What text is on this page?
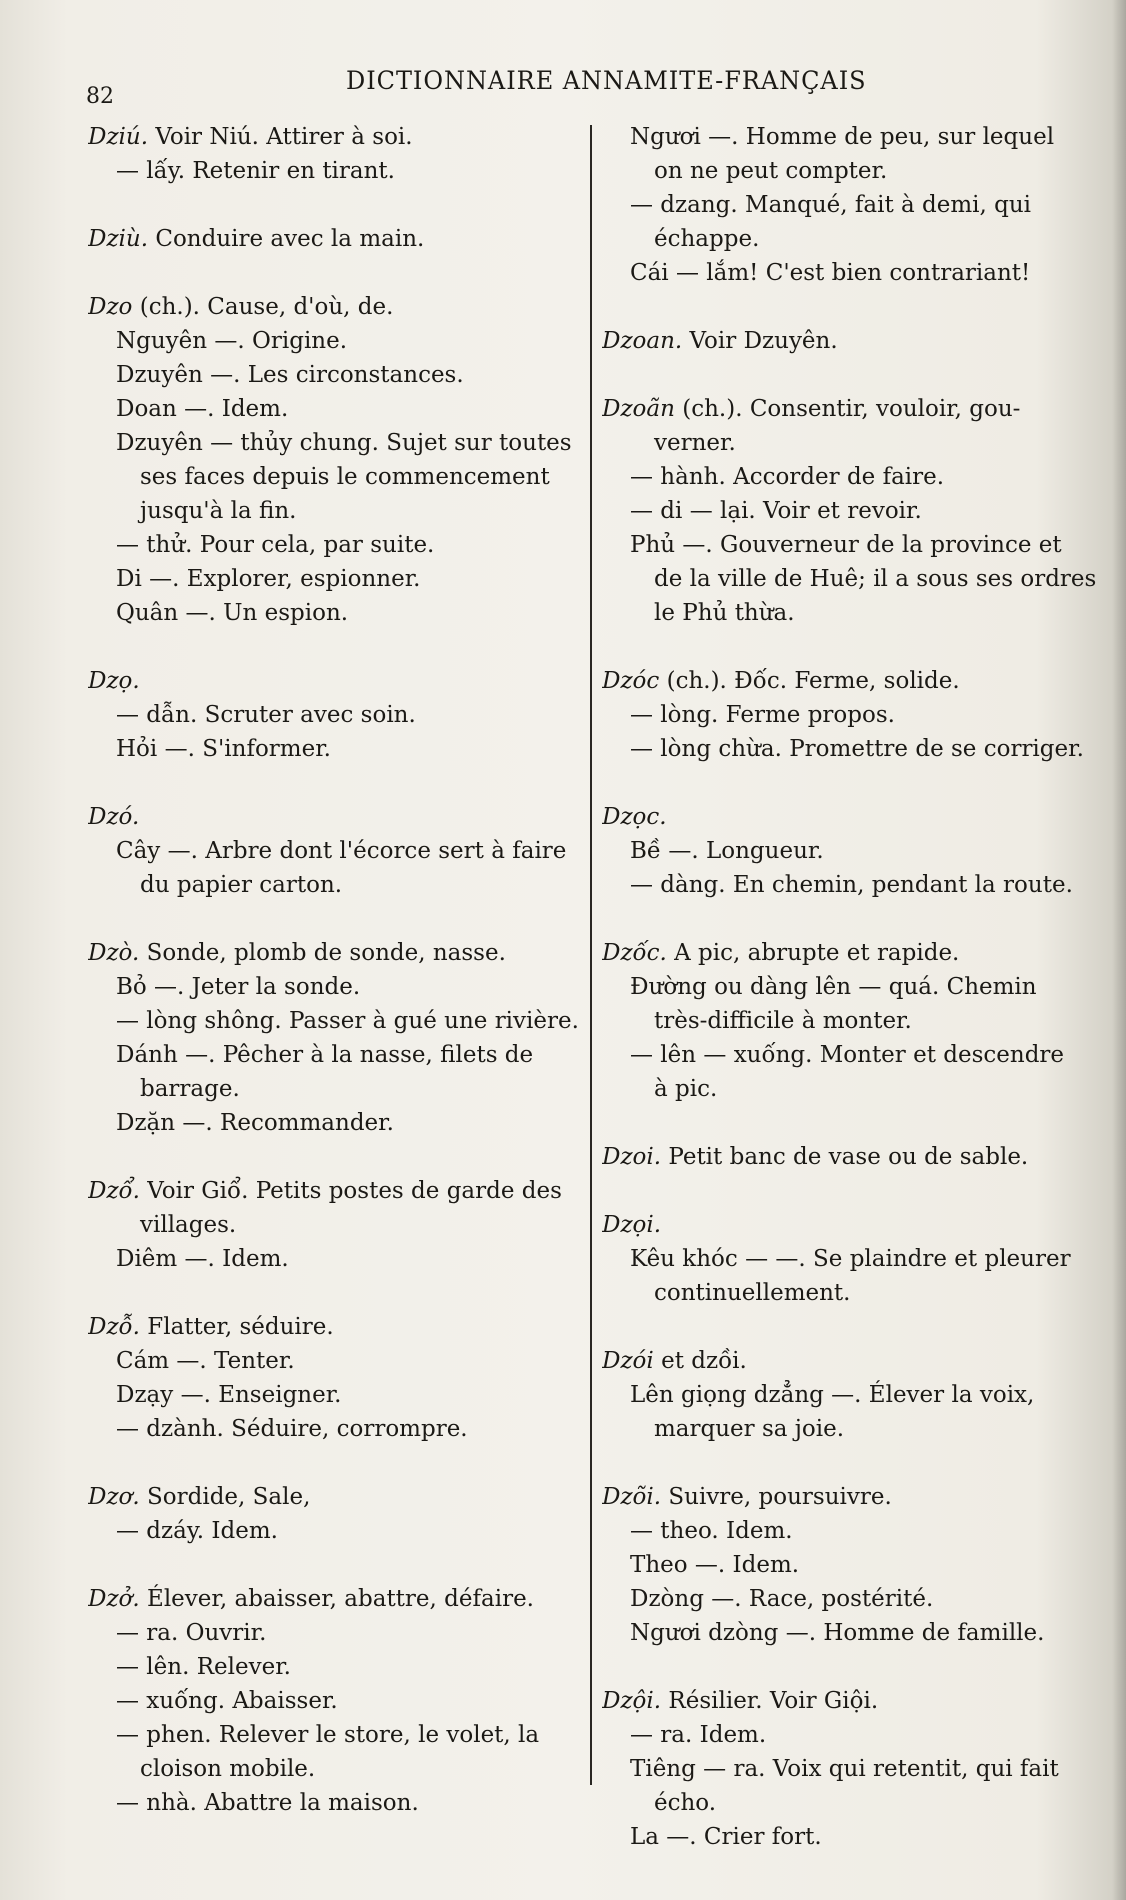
82
DICTIONNAIRE ANNAMITE-FRANÇAIS
Dziú. Voir Niú. Attirer à soi.
— lấy. Retenir en tirant.
Dziù. Conduire avec la main.
Dzo (ch.). Cause, d'où, de.
Nguyên —. Origine.
Dzuyên —. Les circonstances.
Doan —. Idem.
Dzuyên — thủy chung. Sujet sur toutes
ses faces depuis le commencement
jusqu'à la fin.
— thử. Pour cela, par suite.
Di —. Explorer, espionner.
Quân —. Un espion.
Dzọ.
— dẫn. Scruter avec soin.
Hỏi —. S'informer.
Dzó.
Cây —. Arbre dont l'écorce sert à faire
du papier carton.
Dzò. Sonde, plomb de sonde, nasse.
Bỏ —. Jeter la sonde.
— lòng shông. Passer à gué une rivière.
Dánh —. Pêcher à la nasse, filets de
barrage.
Dzặn —. Recommander.
Dzổ. Voir Giổ. Petits postes de garde des
villages.
Diêm —. Idem.
Dzỗ. Flatter, séduire.
Cám —. Tenter.
Dzạy —. Enseigner.
— dzành. Séduire, corrompre.
Dzơ. Sordide, Sale,
— dzáy. Idem.
Dzở. Élever, abaisser, abattre, défaire.
— ra. Ouvrir.
— lên. Relever.
— xuống. Abaisser.
— phen. Relever le store, le volet, la
cloison mobile.
— nhà. Abattre la maison.
Ngươi —. Homme de peu, sur lequel
on ne peut compter.
— dzang. Manqué, fait à demi, qui
échappe.
Cái — lắm! C'est bien contrariant!
Dzoan. Voir Dzuyên.
Dzoãn (ch.). Consentir, vouloir, gou-
verner.
— hành. Accorder de faire.
— di — lại. Voir et revoir.
Phủ —. Gouverneur de la province et
de la ville de Huê; il a sous ses ordres
le Phủ thừa.
Dzóc (ch.). Đốc. Ferme, solide.
— lòng. Ferme propos.
— lòng chừa. Promettre de se corriger.
Dzọc.
Bề —. Longueur.
— dàng. En chemin, pendant la route.
Dzốc. A pic, abrupte et rapide.
Đường ou dàng lên — quá. Chemin
très-difficile à monter.
— lên — xuống. Monter et descendre
à pic.
Dzoi. Petit banc de vase ou de sable.
Dzọi.
Kêu khóc — —. Se plaindre et pleurer
continuellement.
Dzói et dzồi.
Lên giọng dzẳng —. Élever la voix,
marquer sa joie.
Dzõi. Suivre, poursuivre.
— theo. Idem.
Theo —. Idem.
Dzòng —. Race, postérité.
Ngươi dzòng —. Homme de famille.
Dzội. Résilier. Voir Giội.
— ra. Idem.
Tiêng — ra. Voix qui retentit, qui fait
écho.
La —. Crier fort.
